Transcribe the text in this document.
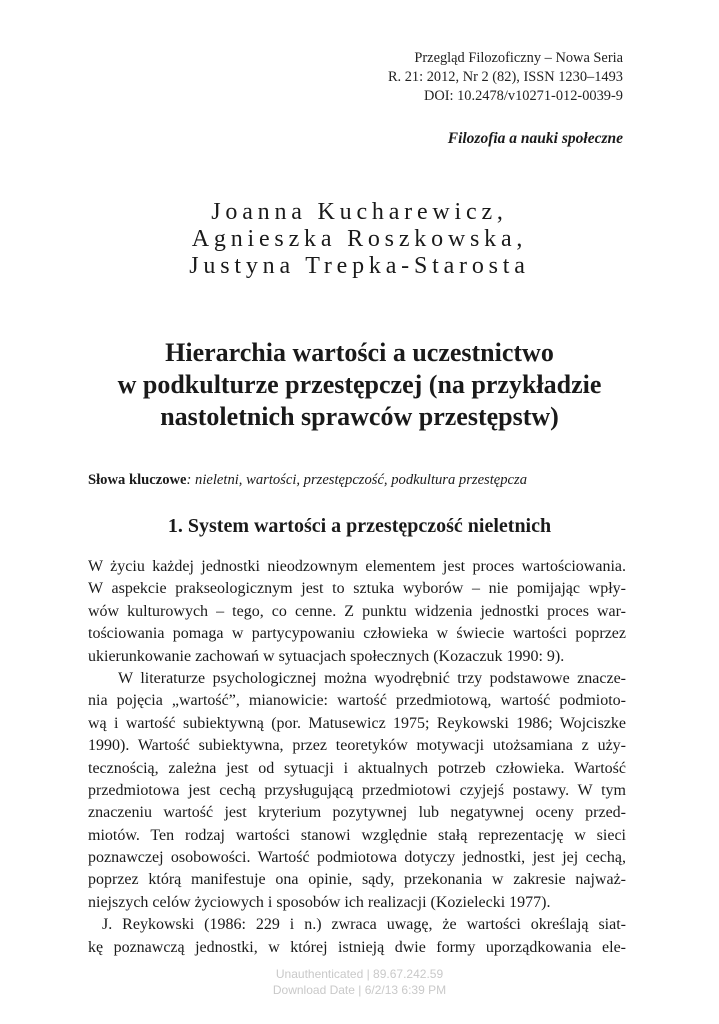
Przegląd Filozoficzny – Nowa Seria
R. 21: 2012, Nr 2 (82), ISSN 1230–1493
DOI: 10.2478/v10271-012-0039-9
Filozofia a nauki społeczne
Joanna Kucharewicz,
Agnieszka Roszkowska,
Justyna Trepka-Starosta
Hierarchia wartości a uczestnictwo
w podkulturze przestępczej (na przykładzie
nastoletnich sprawców przestępstw)
Słowa kluczowe: nieletni, wartości, przestępczość, podkultura przestępcza
1. System wartości a przestępczość nieletnich
W życiu każdej jednostki nieodzownym elementem jest proces wartościowania.
W aspekcie prakseologicznym jest to sztuka wyborów – nie pomijając wpły-
wów kulturowych – tego, co cenne. Z punktu widzenia jednostki proces war-
tościowania pomaga w partycypowaniu człowieka w świecie wartości poprzez
ukierunkowanie zachowań w sytuacjach społecznych (Kozaczuk 1990: 9).
W literaturze psychologicznej można wyodrębnić trzy podstawowe znacze-
nia pojęcia „wartość”, mianowicie: wartość przedmiotową, wartość podmioto-
wą i wartość subiektywną (por. Matusewicz 1975; Reykowski 1986; Wojciszke
1990). Wartość subiektywna, przez teoretyków motywacji utożsamiana z uży-
tecznością, zależna jest od sytuacji i aktualnych potrzeb człowieka. Wartość
przedmiotowa jest cechą przysługującą przedmiotowi czyjejś postawy. W tym
znaczeniu wartość jest kryterium pozytywnej lub negatywnej oceny przed-
miotów. Ten rodzaj wartości stanowi względnie stałą reprezentację w sieci
poznawczej osobowości. Wartość podmiotowa dotyczy jednostki, jest jej cechą,
poprzez którą manifestuje ona opinie, sądy, przekonania w zakresie najważ-
niejszych celów życiowych i sposobów ich realizacji (Kozielecki 1977).
J. Reykowski (1986: 229 i n.) zwraca uwagę, że wartości określają siat-
kę poznawczą jednostki, w której istnieją dwie formy uporządkowania ele-
Unauthenticated | 89.67.242.59
Download Date | 6/2/13 6:39 PM
